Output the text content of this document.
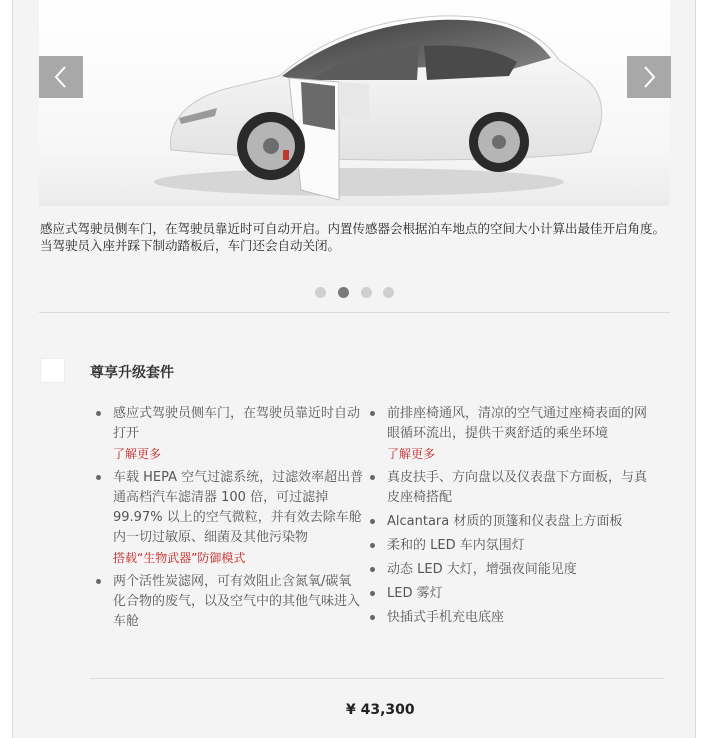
感应式驾驶员侧车门，在驾驶员靠近时可自动开启。内置传感器会根据泊车地点的空间大小计算出最佳开启角度。当驾驶员入座并踩下制动踏板后，车门还会自动关闭。
尊享升级套件
感应式驾驶员侧车门，在驾驶员靠近时自动打开
了解更多
车载 HEPA 空气过滤系统，过滤效率超出普通高档汽车滤清器 100 倍，可过滤掉 99.97% 以上的空气微粒，并有效去除车舱内一切过敏原、细菌及其他污染物
搭载“生物武器”防御模式
两个活性炭滤网，可有效阻止含氮氧/碳氧化合物的废气，以及空气中的其他气味进入车舱
前排座椅通风，清凉的空气通过座椅表面的网眼循环流出，提供干爽舒适的乘坐环境
了解更多
真皮扶手、方向盘以及仪表盘下方面板，与真皮座椅搭配
Alcantara 材质的顶篷和仪表盘上方面板
柔和的 LED 车内氛围灯
动态 LED 大灯，增强夜间能见度
LED 雾灯
快插式手机充电底座
¥ 43,300
